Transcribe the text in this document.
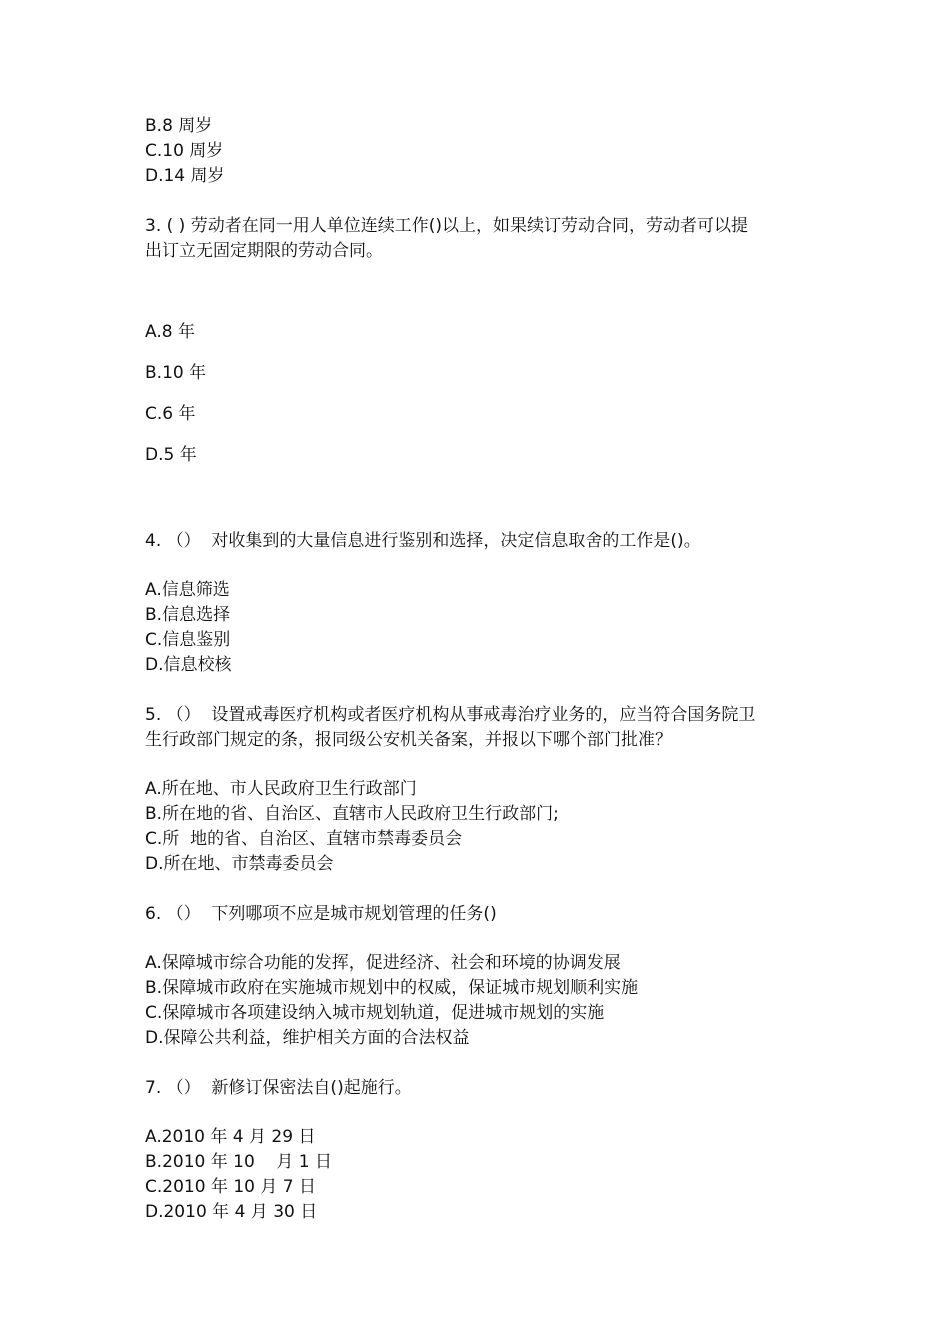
B.8 周岁
C.10 周岁
D.14 周岁
3. ( ) 劳动者在同一用人单位连续工作()以上，如果续订劳动合同，劳动者可以提
出订立无固定期限的劳动合同。
A.8 年
B.10 年
C.6 年
D.5 年
4. （）  对收集到的大量信息进行鉴别和选择，决定信息取舍的工作是()。
A.信息筛选
B.信息选择
C.信息鉴别
D.信息校核
5. （）  设置戒毒医疗机构或者医疗机构从事戒毒治疗业务的，应当符合国务院卫
生行政部门规定的条，报同级公安机关备案，并报以下哪个部门批准？
A.所在地、市人民政府卫生行政部门
B.所在地的省、自治区、直辖市人民政府卫生行政部门;
C.所  地的省、自治区、直辖市禁毒委员会
D.所在地、市禁毒委员会
6. （）  下列哪项不应是城市规划管理的任务()
A.保障城市综合功能的发挥，促进经济、社会和环境的协调发展
B.保障城市政府在实施城市规划中的权威，保证城市规划顺利实施
C.保障城市各项建设纳入城市规划轨道，促进城市规划的实施
D.保障公共利益，维护相关方面的合法权益
7. （）  新修订保密法自()起施行。
A.2010 年 4 月 29 日
B.2010 年 10    月 1 日
C.2010 年 10 月 7 日
D.2010 年 4 月 30 日
